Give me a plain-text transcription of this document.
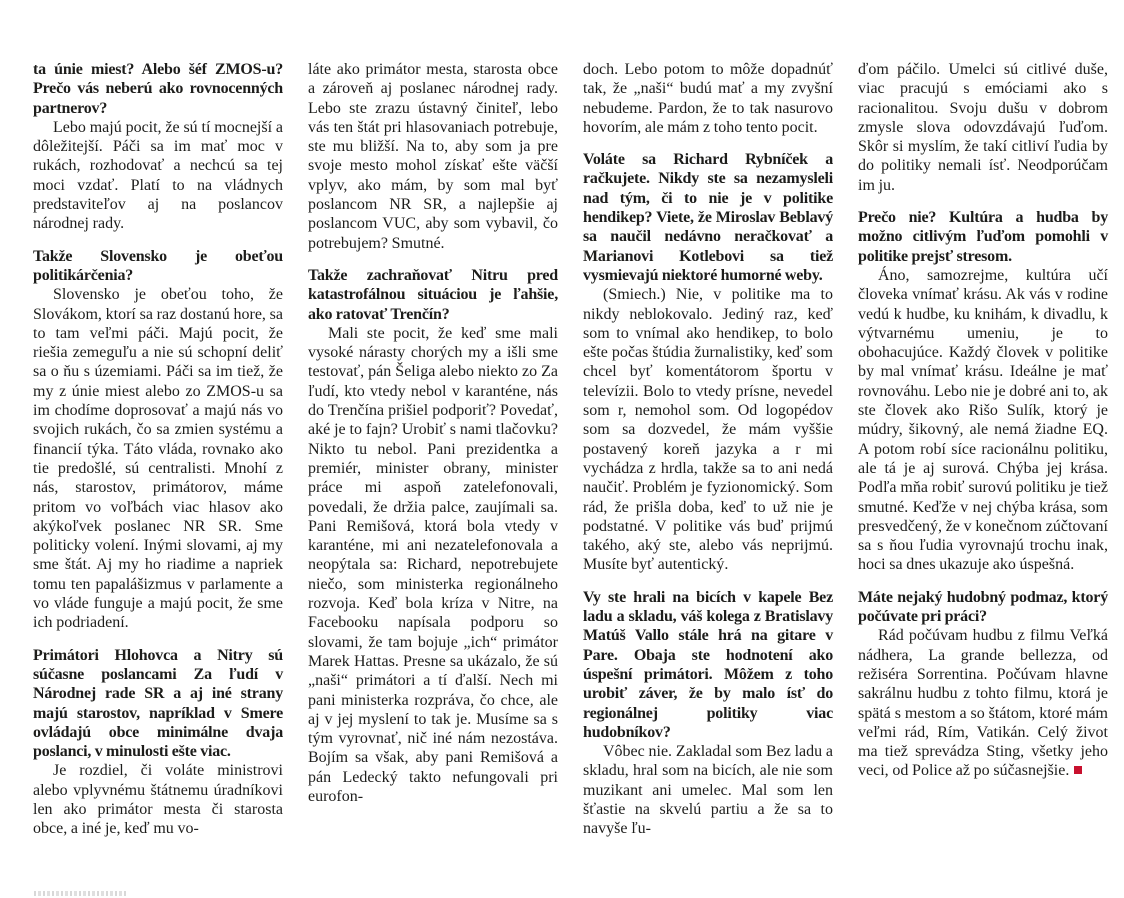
ta únie miest? Alebo šéf ZMOS-u? Prečo vás neberú ako rovnocenných partnerov?

Lebo majú pocit, že sú tí mocnejší a dôležitejší. Páči sa im mať moc v rukách, rozhodovať a nechcú sa tej moci vzdať. Platí to na vládnych predstaviteľov aj na poslancov národnej rady.

Takže Slovensko je obeťou politikárčenia?

Slovensko je obeťou toho, že Slovákom, ktorí sa raz dostanú hore, sa to tam veľmi páči. Majú pocit, že riešia zemeguľu a nie sú schopní deliť sa o ňu s územiami. Páči sa im tiež, že my z únie miest alebo zo ZMOS-u sa im chodíme doprosovať a majú nás vo svojich rukách, čo sa zmien systému a financií týka. Táto vláda, rovnako ako tie predošlé, sú centralisti. Mnohí z nás, starostov, primátorov, máme pritom vo voľbách viac hlasov ako akýkoľvek poslanec NR SR. Sme politicky volení. Inými slovami, aj my sme štát. Aj my ho riadime a napriek tomu ten papalášizmus v parlamente a vo vláde funguje a majú pocit, že sme ich podriadení.

Primátori Hlohovca a Nitry sú súčasne poslancami Za ľudí v Národnej rade SR a aj iné strany majú starostov, napríklad v Smere ovládajú obce minimálne dvaja poslanci, v minulosti ešte viac.

Je rozdiel, či voláte ministrovi alebo vplyvnému štátnemu úradníkovi len ako primátor mesta či starosta obce, a iné je, keď mu vo-

láte ako primátor mesta, starosta obce a zároveň aj poslanec národnej rady. Lebo ste zrazu ústavný činiteľ, lebo vás ten štát pri hlasovaniach potrebuje, ste mu bližší. Na to, aby som ja pre svoje mesto mohol získať ešte väčší vplyv, ako mám, by som mal byť poslancom NR SR, a najlepšie aj poslancom VUC, aby som vybavil, čo potrebujem? Smutné.

Takže zachraňovať Nitru pred katastrofálnou situáciou je ľahšie, ako ratovať Trenčín?

Mali ste pocit, že keď sme mali vysoké nárasty chorých my a išli sme testovať, pán Šeliga alebo niekto zo Za ľudí, kto vtedy nebol v karanténe, nás do Trenčína prišiel podporiť? Povedať, aké je to fajn? Urobiť s nami tlačovku? Nikto tu nebol. Pani prezidentka a premiér, minister obrany, minister práce mi aspoň zatelefonovali, povedali, že držia palce, zaujímali sa. Pani Remišová, ktorá bola vtedy v karanténe, mi ani nezatelefonovala a neopýtala sa: Richard, nepotrebujete niečo, som ministerka regionálneho rozvoja. Keď bola kríza v Nitre, na Facebooku napísala podporu so slovami, že tam bojuje „ich“ primátor Marek Hattas. Presne sa ukázalo, že sú „naši“ primátori a tí ďalší. Nech mi pani ministerka rozpráva, čo chce, ale aj v jej myslení to tak je. Musíme sa s tým vyrovnať, nič iné nám nezostáva. Bojím sa však, aby pani Remišová a pán Ledecký takto nefungovali pri eurofon-

doch. Lebo potom to môže dopadnúť tak, že „naši“ budú mať a my zvyšní nebudeme. Pardon, že to tak nasurovo hovorím, ale mám z toho tento pocit.

Voláte sa Richard Rybníček a račkujete. Nikdy ste sa nezamysleli nad tým, či to nie je v politike hendikep? Viete, že Miroslav Beblavý sa naučil nedávno neračkovať a Marianovi Kotlebovi sa tiež vysmievajú niektoré humorné weby.

(Smiech.) Nie, v politike ma to nikdy neblokovalo. Jediný raz, keď som to vnímal ako hendikep, to bolo ešte počas štúdia žurnalistiky, keď som chcel byť komentátorom športu v televízii. Bolo to vtedy prísne, nevedel som r, nemohol som. Od logopédov som sa dozvedel, že mám vyššie postavený koreň jazyka a r mi vychádza z hrdla, takže sa to ani nedá naučiť. Problém je fyzionomický. Som rád, že prišla doba, keď to už nie je podstatné. V politike vás buď prijmú takého, aký ste, alebo vás neprijmú. Musíte byť autentický.

Vy ste hrali na bicích v kapele Bez ladu a skladu, váš kolega z Bratislavy Matúš Vallo stále hrá na gitare v Pare. Obaja ste hodnotení ako úspešní primátori. Môžem z toho urobiť záver, že by malo ísť do regionálnej politiky viac hudobníkov?

Vôbec nie. Zakladal som Bez ladu a skladu, hral som na bicích, ale nie som muzikant ani umelec. Mal som len šťastie na skvelú partiu a že sa to navyše ľu-

ďom páčilo. Umelci sú citlivé duše, viac pracujú s emóciami ako s racionalitou. Svoju dušu v dobrom zmysle slova odovzdávajú ľuďom. Skôr si myslím, že takí citliví ľudia by do politiky nemali ísť. Neodporúčam im ju.

Prečo nie? Kultúra a hudba by možno citlivým ľuďom pomohli v politike prejsť stresom.

Áno, samozrejme, kultúra učí človeka vnímať krásu. Ak vás v rodine vedú k hudbe, ku knihám, k divadlu, k výtvarnému umeniu, je to obohacujúce. Každý človek v politike by mal vnímať krásu. Ideálne je mať rovnováhu. Lebo nie je dobré ani to, ak ste človek ako Rišo Sulík, ktorý je múdry, šikovný, ale nemá žiadne EQ. A potom robí síce racionálnu politiku, ale tá je aj surová. Chýba jej krása. Podľa mňa robiť surovú politiku je tiež smutné. Keďže v nej chýba krása, som presvedčený, že v konečnom zúčtovaní sa s ňou ľudia vyrovnajú trochu inak, hoci sa dnes ukazuje ako úspešná.

Máte nejaký hudobný podmaz, ktorý počúvate pri práci?

Rád počúvam hudbu z filmu Veľká nádhera, La grande bellezza, od režiséra Sorrentina. Počúvam hlavne sakrálnu hudbu z tohto filmu, ktorá je spätá s mestom a so štátom, ktoré mám veľmi rád, Rím, Vatikán. Celý život ma tiež sprevádza Sting, všetky jeho veci, od Police až po súčasnejšie.
